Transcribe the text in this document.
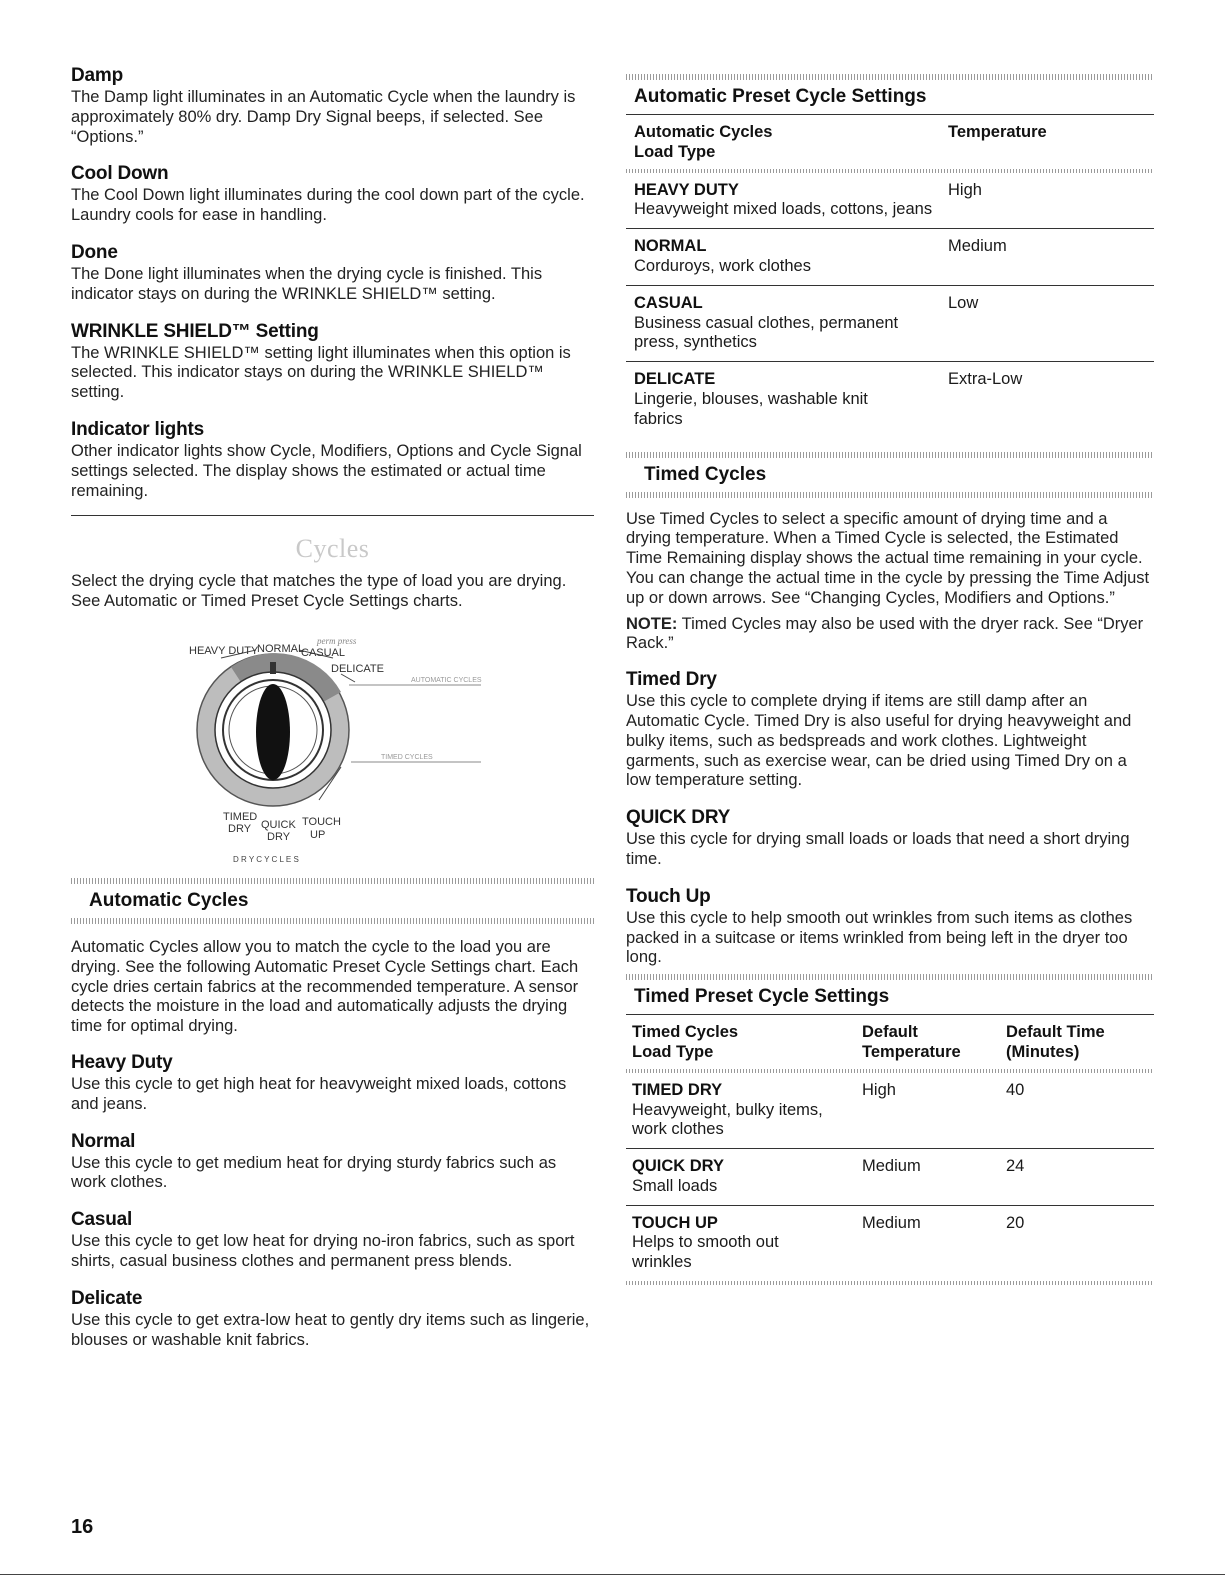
Damp

The Damp light illuminates in an Automatic Cycle when the laundry is approximately 80% dry. Damp Dry Signal beeps, if selected. See “Options.”

Cool Down

The Cool Down light illuminates during the cool down part of the cycle. Laundry cools for ease in handling.

Done

The Done light illuminates when the drying cycle is finished. This indicator stays on during the WRINKLE SHIELD™ setting.

WRINKLE SHIELD™ Setting

The WRINKLE SHIELD™ setting light illuminates when this option is selected. This indicator stays on during the WRINKLE SHIELD™ setting.

Indicator lights

Other indicator lights show Cycle, Modifiers, Options and Cycle Signal settings selected. The display shows the estimated or actual time remaining.

Cycles

Select the drying cycle that matches the type of load you are drying. See Automatic or Timed Preset Cycle Settings charts.

HEAVY DUTY
NORMAL
perm press
CASUAL
DELICATE
AUTOMATIC CYCLES
TIMED CYCLES
TIMED
DRY QUICK
DRY
TOUCH
UP
D R Y C Y C L E S
Automatic Cycles

Automatic Cycles allow you to match the cycle to the load you are drying. See the following Automatic Preset Cycle Settings chart. Each cycle dries certain fabrics at the recommended temperature. A sensor detects the moisture in the load and automatically adjusts the drying time for optimal drying.

Heavy Duty

Use this cycle to get high heat for heavyweight mixed loads, cottons and jeans.

Normal

Use this cycle to get medium heat for drying sturdy fabrics such as work clothes.

Casual

Use this cycle to get low heat for drying no-iron fabrics, such as sport shirts, casual business clothes and permanent press blends.

Delicate

Use this cycle to get extra-low heat to gently dry items such as lingerie, blouses or washable knit fabrics.

Automatic Preset Cycle Settings
Automatic Cycles
Load Type
	Temperature
HEAVY DUTY
Heavyweight mixed loads, cottons, jeans	High

NORMAL
Corduroys, work clothes	Medium

CASUAL
Business casual clothes, permanent press, synthetics	Low

DELICATE
Lingerie, blouses, washable knit fabrics	Extra-Low
Timed Cycles

Use Timed Cycles to select a specific amount of drying time and a drying temperature. When a Timed Cycle is selected, the Estimated Time Remaining display shows the actual time remaining in your cycle. You can change the actual time in the cycle by pressing the Time Adjust up or down arrows. See “Changing Cycles, Modifiers and Options.”

NOTE: Timed Cycles may also be used with the dryer rack. See “Dryer Rack.”

Timed Dry

Use this cycle to complete drying if items are still damp after an Automatic Cycle. Timed Dry is also useful for drying heavyweight and bulky items, such as bedspreads and work clothes. Lightweight garments, such as exercise wear, can be dried using Timed Dry on a low temperature setting.

QUICK DRY

Use this cycle for drying small loads or loads that need a short drying time.

Touch Up

Use this cycle to help smooth out wrinkles from such items as clothes packed in a suitcase or items wrinkled from being left in the dryer too long.

Timed Preset Cycle Settings
Timed Cycles
Load Type

Default
Temperature

Default Time
(Minutes)
TIMED DRY
Heavyweight, bulky items, work clothes	High	40

QUICK DRY
Small loads	Medium	24

TOUCH UP
Helps to smooth out wrinkles	Medium	20
16
